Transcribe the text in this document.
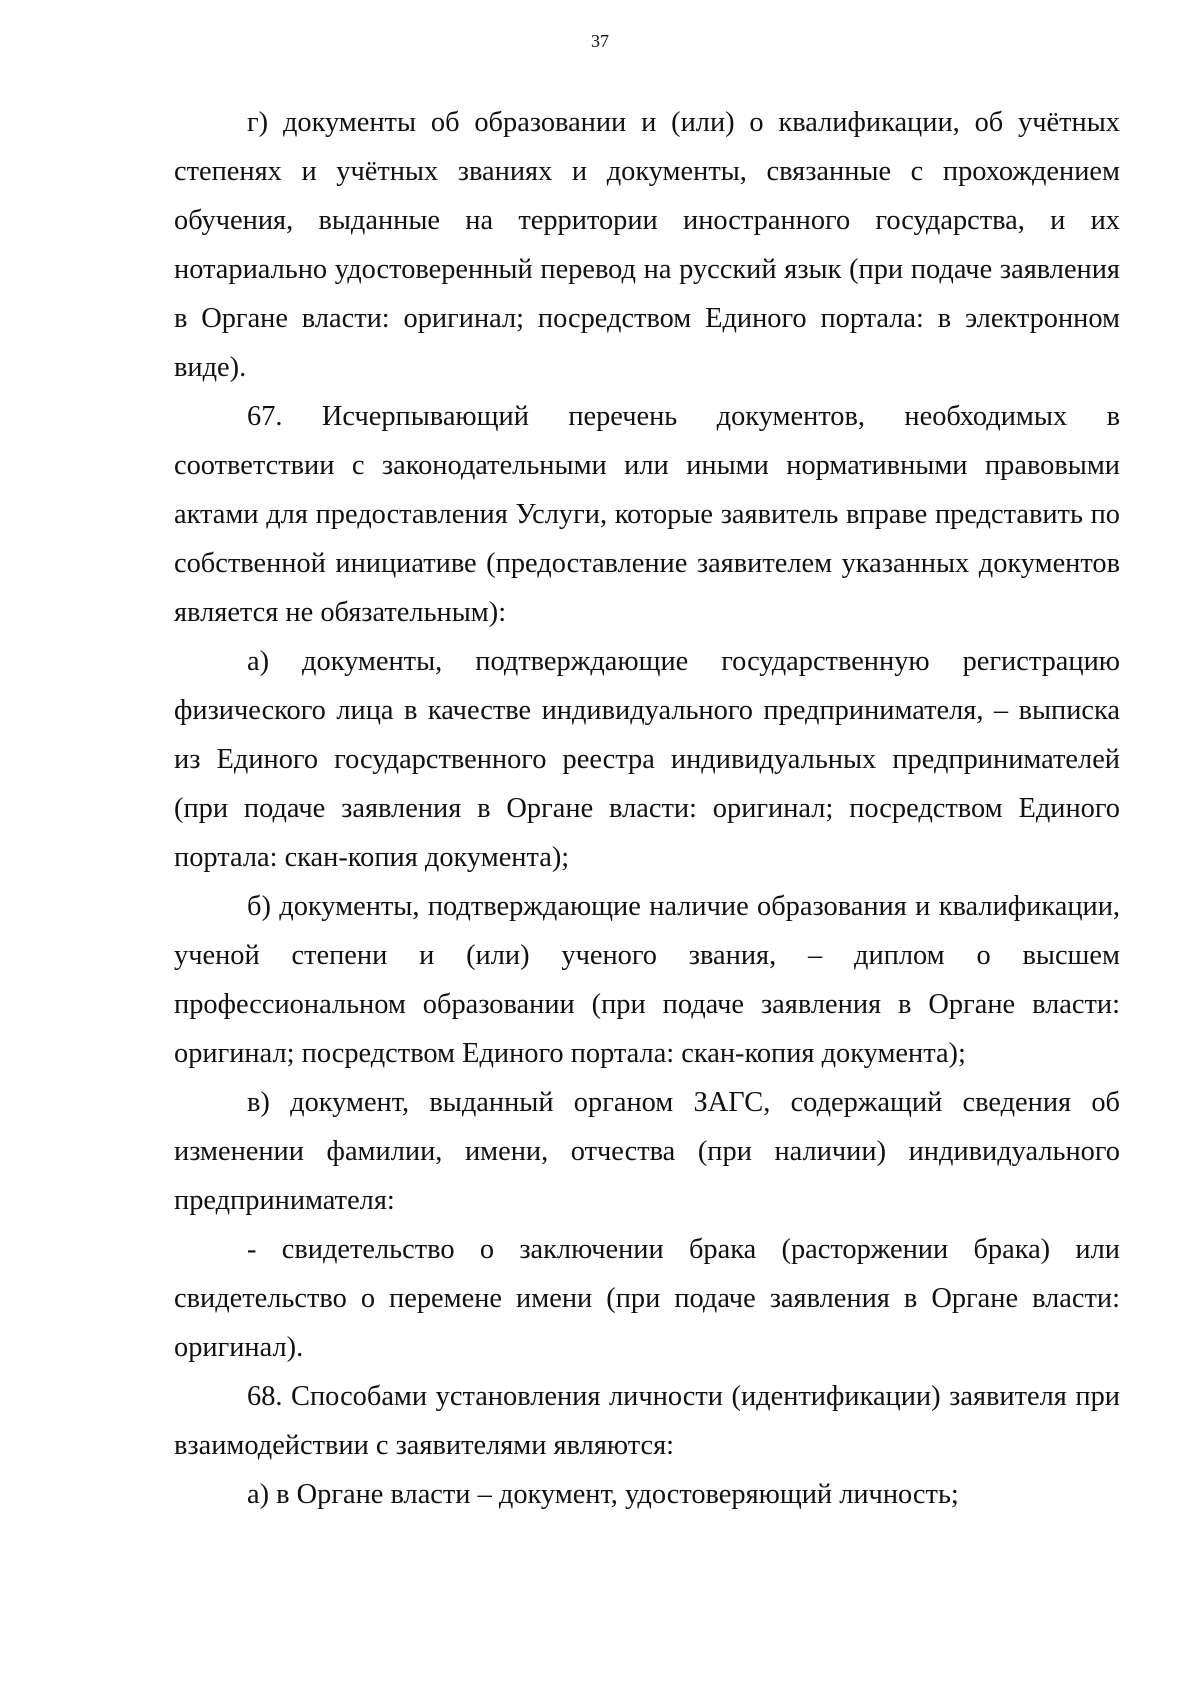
37

г) документы об образовании и (или) о квалификации, об учётных степенях и учётных званиях и документы, связанные с прохождением обучения, выданные на территории иностранного государства, и их нотариально удостоверенный перевод на русский язык (при подаче заявления в Органе власти: оригинал; посредством Единого портала: в электронном виде).

67. Исчерпывающий перечень документов, необходимых в соответствии с законодательными или иными нормативными правовыми актами для предоставления Услуги, которые заявитель вправе представить по собственной инициативе (предоставление заявителем указанных документов является не обязательным):

а) документы, подтверждающие государственную регистрацию физического лица в качестве индивидуального предпринимателя, – выписка из Единого государственного реестра индивидуальных предпринимателей (при подаче заявления в Органе власти: оригинал; посредством Единого портала: скан-копия документа);

б) документы, подтверждающие наличие образования и квалификации, ученой степени и (или) ученого звания, – диплом о высшем профессиональном образовании (при подаче заявления в Органе власти: оригинал; посредством Единого портала: скан-копия документа);

в) документ, выданный органом ЗАГС, содержащий сведения об изменении фамилии, имени, отчества (при наличии) индивидуального предпринимателя:

- свидетельство о заключении брака (расторжении брака) или свидетельство о перемене имени (при подаче заявления в Органе власти: оригинал).

68. Способами установления личности (идентификации) заявителя при взаимодействии с заявителями являются:

а) в Органе власти – документ, удостоверяющий личность;
